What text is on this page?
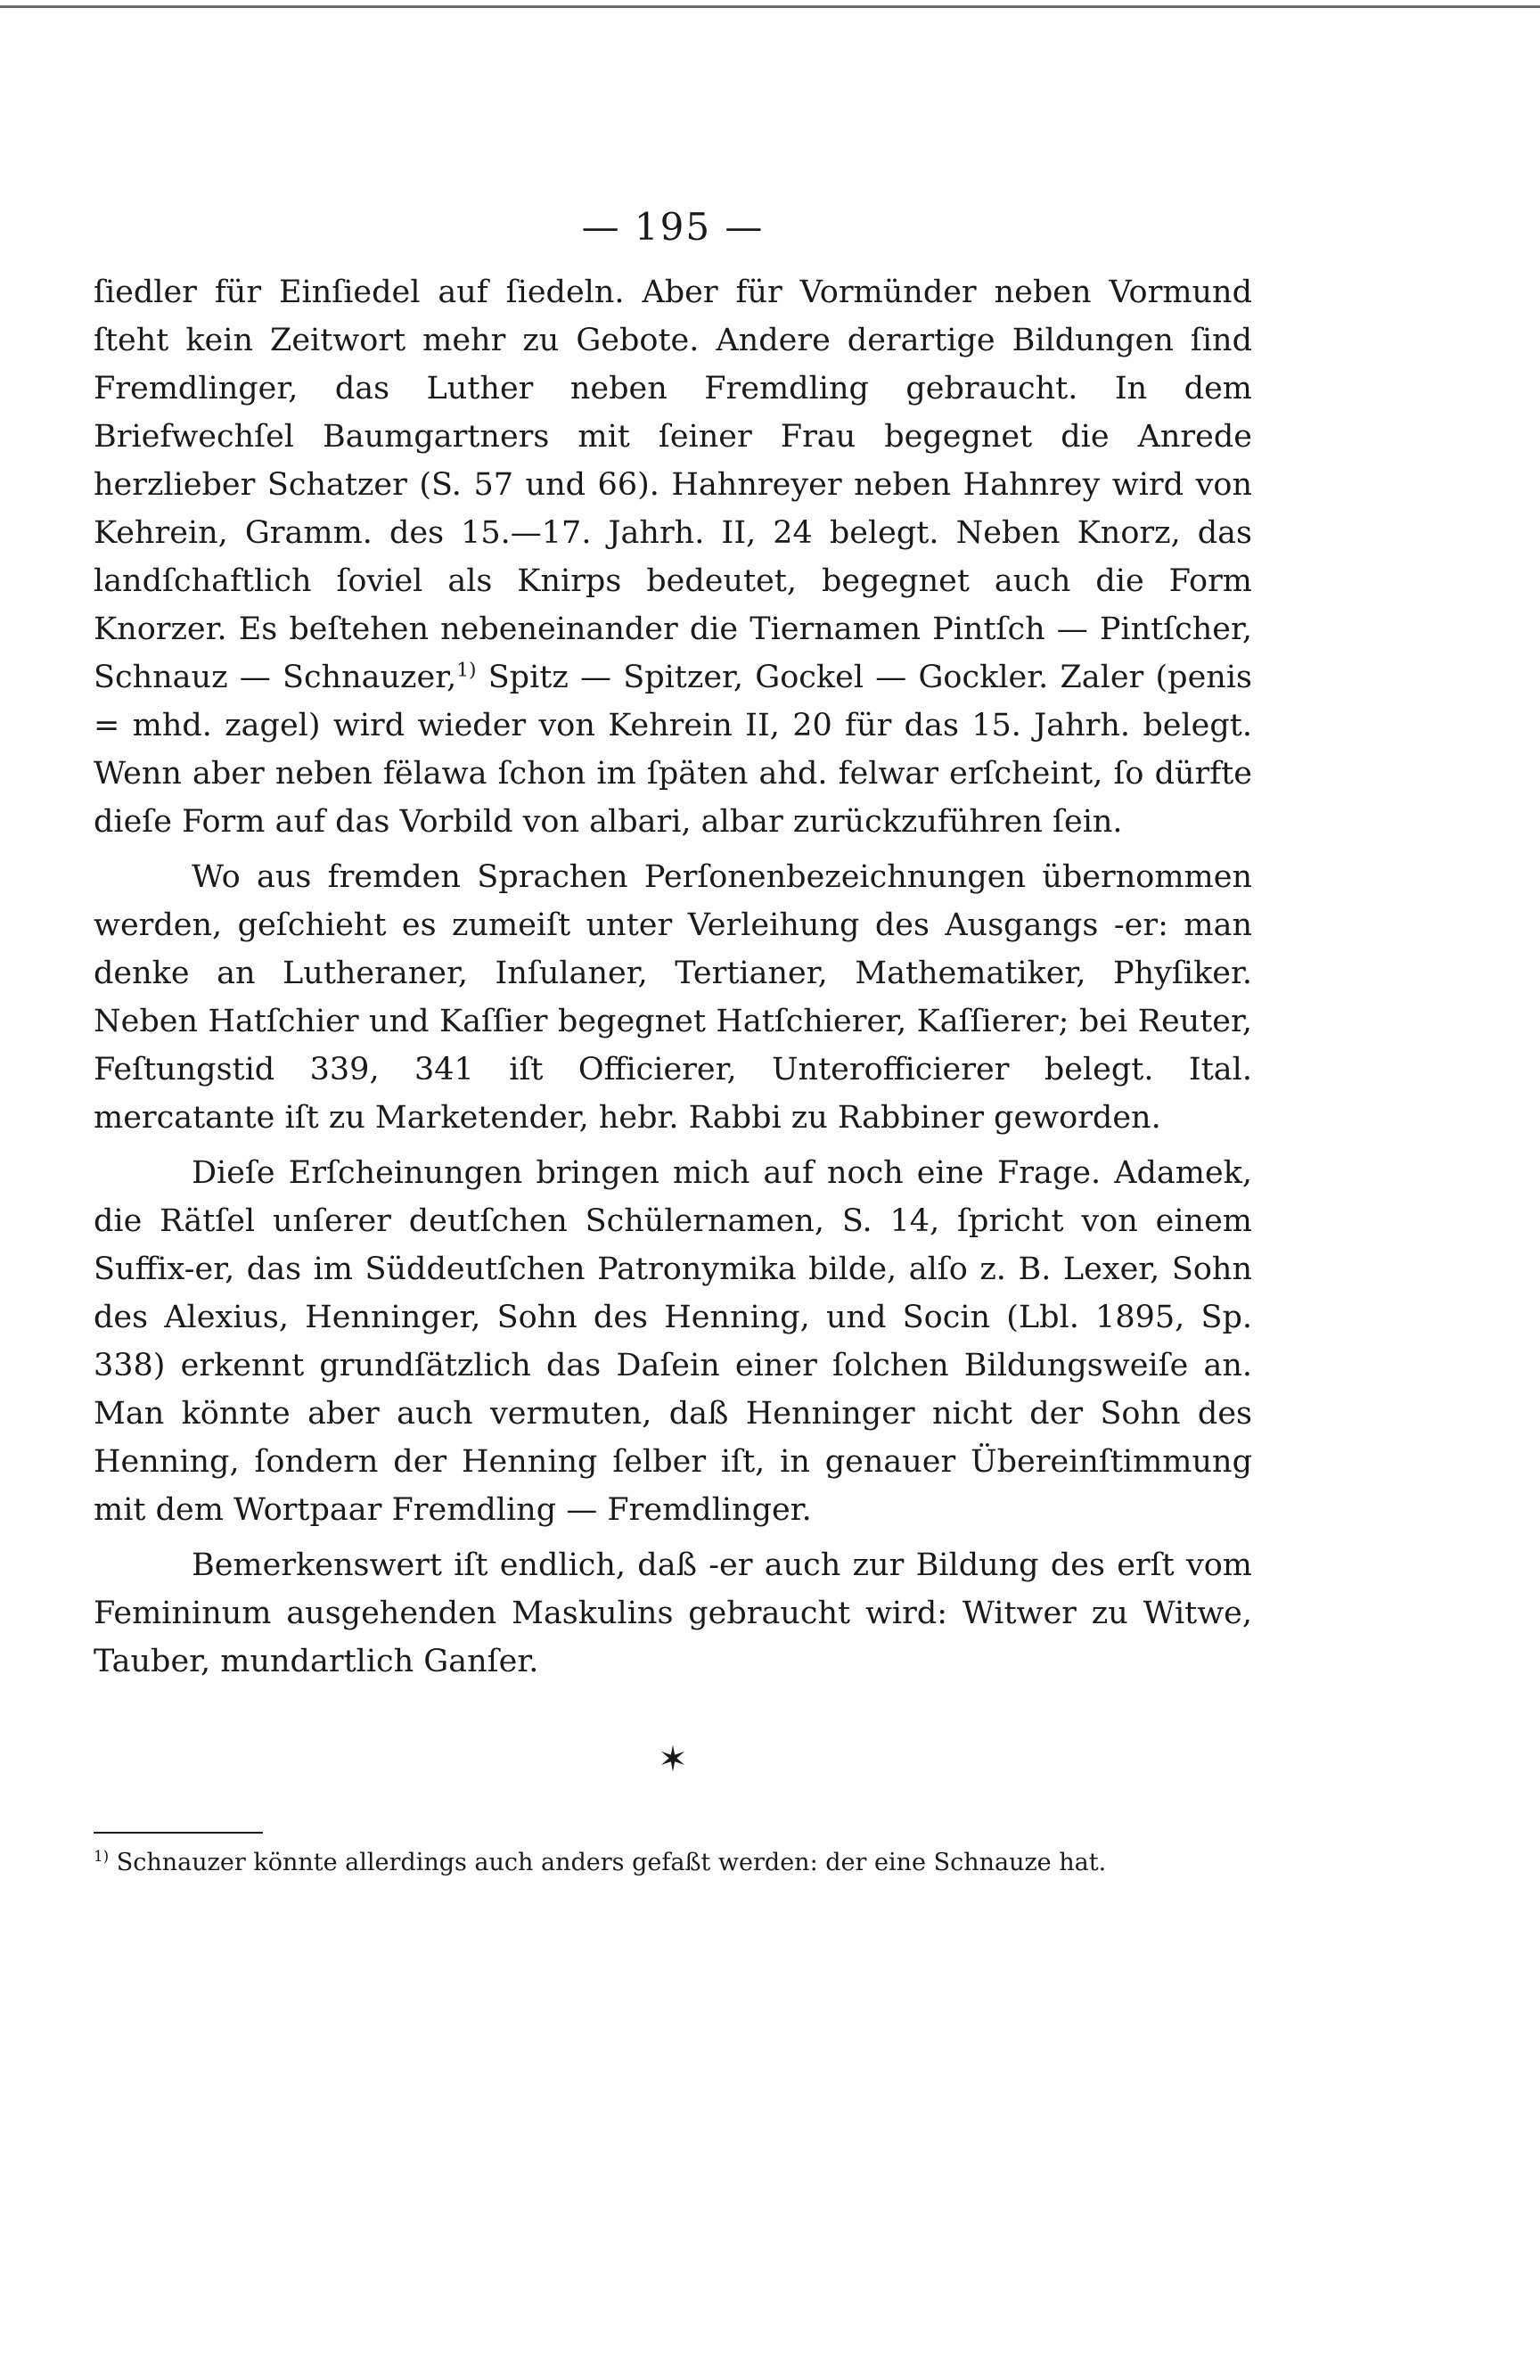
— 195 —

ſiedler für Einſiedel auf ſiedeln. Aber für Vormünder neben Vormund ſteht kein Zeitwort mehr zu Gebote. Andere derartige Bildungen ſind Fremdlinger, das Luther neben Fremdling gebraucht. In dem Briefwechſel Baumgartners mit ſeiner Frau begegnet die Anrede herzlieber Schatzer (S. 57 und 66). Hahnreyer neben Hahnrey wird von Kehrein, Gramm. des 15.—17. Jahrh. II, 24 belegt. Neben Knorz, das landſchaftlich ſoviel als Knirps bedeutet, begegnet auch die Form Knorzer. Es beſtehen nebeneinander die Tiernamen Pintſch — Pintſcher, Schnauz — Schnauzer,$^{1)}$ Spitz — Spitzer, Gockel — Gockler. Zaler (penis = mhd. zagel) wird wieder von Kehrein II, 20 für das 15. Jahrh. belegt. Wenn aber neben fëlawa ſchon im ſpäten ahd. felwar erſcheint, ſo dürfte dieſe Form auf das Vorbild von albari, albar zurückzuführen ſein.

Wo aus fremden Sprachen Perſonenbezeichnungen übernommen werden, geſchieht es zumeiſt unter Verleihung des Ausgangs -er: man denke an Lutheraner, Inſulaner, Tertianer, Mathematiker, Phyſiker. Neben Hatſchier und Kaſſier begegnet Hatſchierer, Kaſſierer; bei Reuter, Feſtungstid 339, 341 iſt Officierer, Unterofficierer belegt. Ital. mercatante iſt zu Marketender, hebr. Rabbi zu Rabbiner geworden.

Dieſe Erſcheinungen bringen mich auf noch eine Frage. Adamek, die Rätſel unſerer deutſchen Schülernamen, S. 14, ſpricht von einem Suffix-er, das im Süddeutſchen Patronymika bilde, alſo z. B. Lexer, Sohn des Alexius, Henninger, Sohn des Henning, und Socin (Lbl. 1895, Sp. 338) erkennt grundſätzlich das Daſein einer ſolchen Bildungsweiſe an. Man könnte aber auch vermuten, daß Henninger nicht der Sohn des Henning, ſondern der Henning ſelber iſt, in genauer Übereinſtimmung mit dem Wortpaar Fremdling — Fremdlinger.

Bemerkenswert iſt endlich, daß -er auch zur Bildung des erſt vom Femininum ausgehenden Maskulins gebraucht wird: Witwer zu Witwe, Tauber, mundartlich Ganſer.

✶
$^{1)}$ Schnauzer könnte allerdings auch anders gefaßt werden: der eine Schnauze hat.
